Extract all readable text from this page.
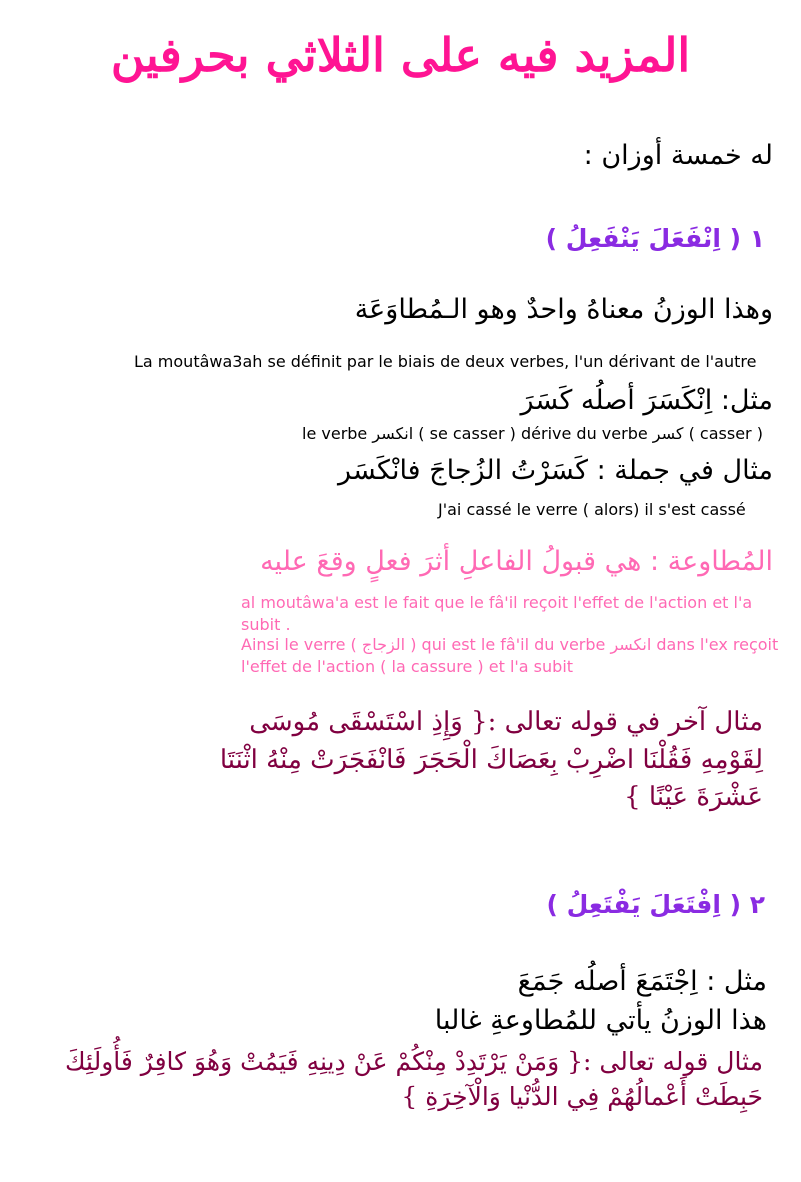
المزيد فيه على الثلاثي بحرفين
له خمسة أوزان :
١ ( اِنْفَعَلَ يَنْفَعِلُ )
وهذا الوزنُ معناهُ واحدٌ وهو الـمُطاوَعَة
La moutâwa3ah se définit par le biais de deux verbes, l'un dérivant de l'autre
مثل: اِنْكَسَرَ أصلُه كَسَرَ
le verbe انكسر ( se casser ) dérive du verbe كسر ( casser )
مثال في جملة : كَسَرْتُ الزُجاجَ فانْكَسَر
J'ai cassé le verre ( alors) il s'est cassé
المُطاوعة : هي قبولُ الفاعلِ أثرَ فعلٍ وقعَ عليه
al moutâwa'a est le fait que le fâ'il reçoit l'effet de l'action et l'a subit .
Ainsi le verre ( الزجاج ) qui est le fâ'il du verbe انكسر dans l'ex reçoit l'effet de l'action ( la cassure ) et l'a subit
مثال آخر في قوله تعالى :{ وَإِذِ اسْتَسْقَى مُوسَى لِقَوْمِهِ فَقُلْنَا اضْرِبْ بِعَصَاكَ الْحَجَرَ فَانْفَجَرَتْ مِنْهُ اثْنَتَا عَشْرَةَ عَيْنًا }
٢ ( اِفْتَعَلَ يَفْتَعِلُ )
مثل : اِجْتَمَعَ أصلُه جَمَعَ
هذا الوزنُ يأتي للمُطاوعةِ غالبا
مثال قوله تعالى :{ وَمَنْ يَرْتَدِدْ مِنْكُمْ عَنْ دِينِهِ فَيَمُتْ وَهُوَ كافِرٌ فَأُولَئِكَ حَبِطَتْ أَعْمالُهُمْ فِي الدُّنْيا وَالْآخِرَةِ }
